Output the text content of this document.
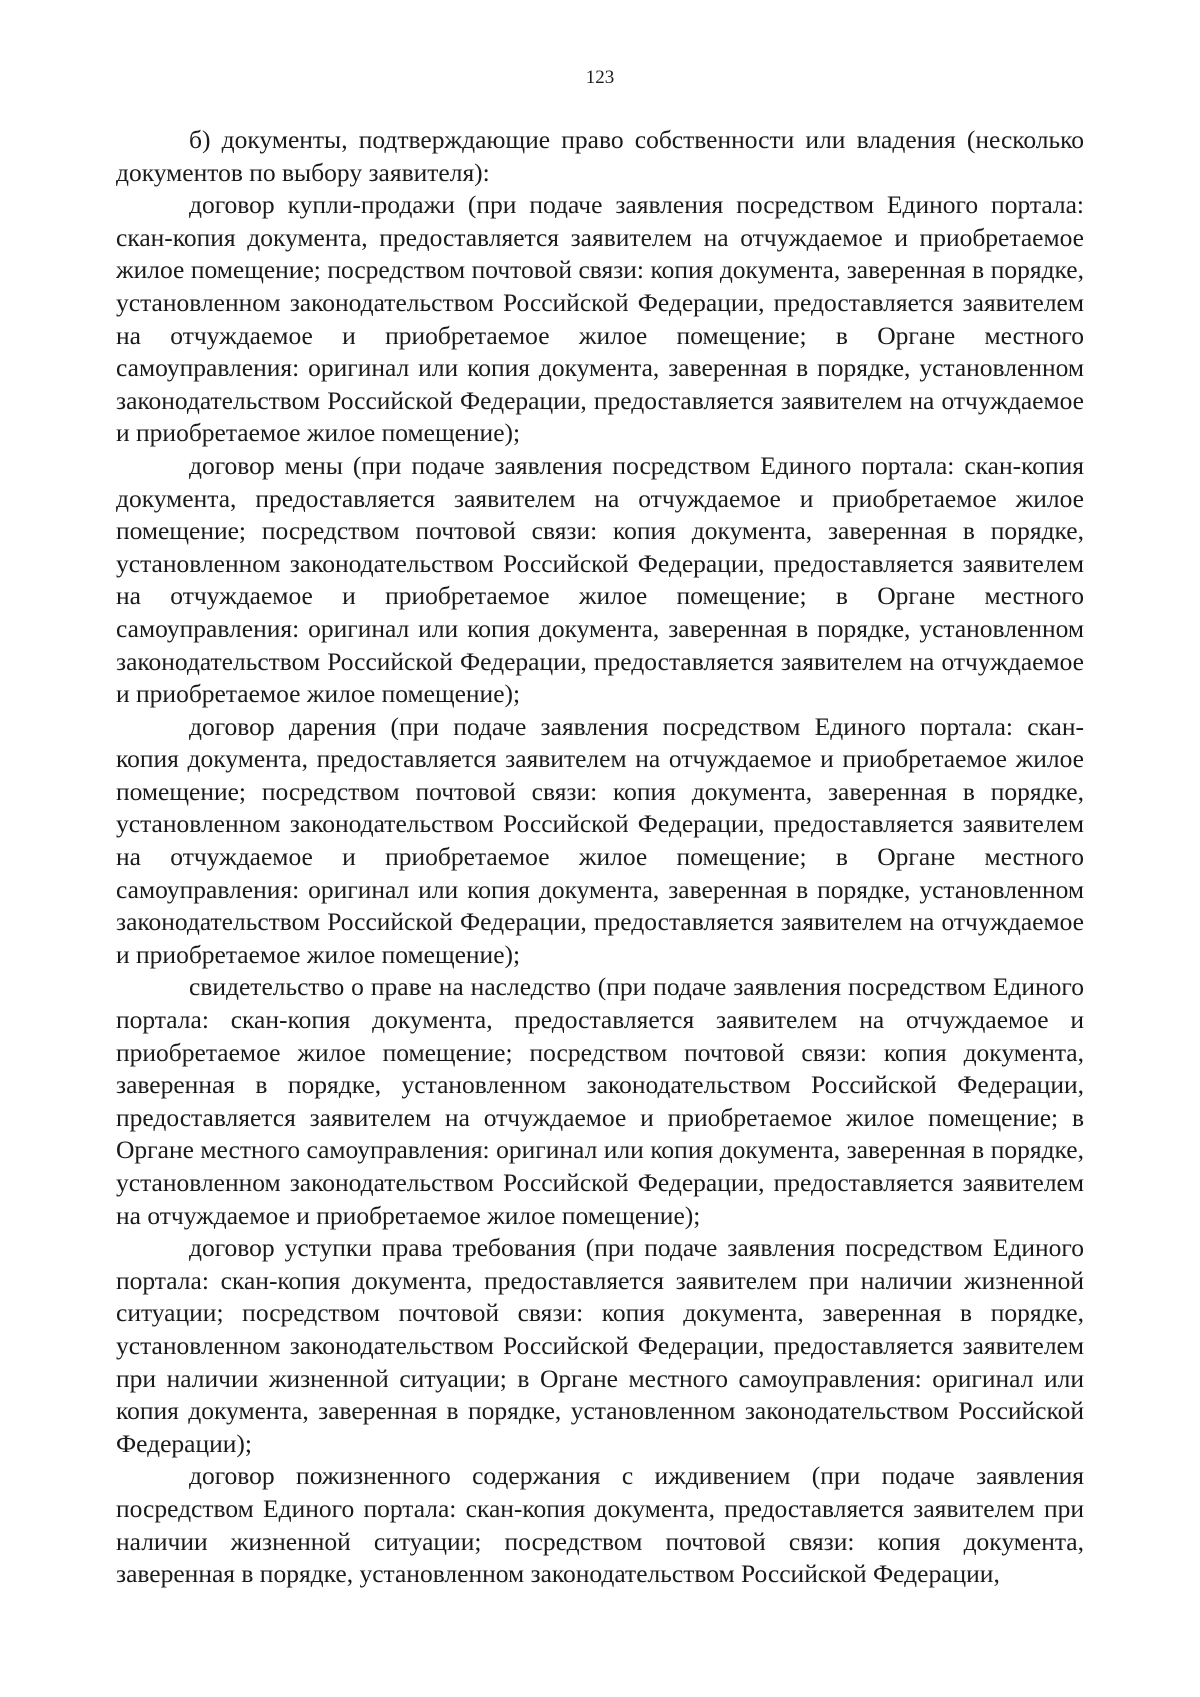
123

б) документы, подтверждающие право собственности или владения (несколько документов по выбору заявителя):

договор купли-продажи (при подаче заявления посредством Единого портала: скан-копия документа, предоставляется заявителем на отчуждаемое и приобретаемое жилое помещение; посредством почтовой связи: копия документа, заверенная в порядке, установленном законодательством Российской Федерации, предоставляется заявителем на отчуждаемое и приобретаемое жилое помещение; в Органе местного самоуправления: оригинал или копия документа, заверенная в порядке, установленном законодательством Российской Федерации, предоставляется заявителем на отчуждаемое и приобретаемое жилое помещение);

договор мены (при подаче заявления посредством Единого портала: скан-копия документа, предоставляется заявителем на отчуждаемое и приобретаемое жилое помещение; посредством почтовой связи: копия документа, заверенная в порядке, установленном законодательством Российской Федерации, предоставляется заявителем на отчуждаемое и приобретаемое жилое помещение; в Органе местного самоуправления: оригинал или копия документа, заверенная в порядке, установленном законодательством Российской Федерации, предоставляется заявителем на отчуждаемое и приобретаемое жилое помещение);

договор дарения (при подаче заявления посредством Единого портала: скан-копия документа, предоставляется заявителем на отчуждаемое и приобретаемое жилое помещение; посредством почтовой связи: копия документа, заверенная в порядке, установленном законодательством Российской Федерации, предоставляется заявителем на отчуждаемое и приобретаемое жилое помещение; в Органе местного самоуправления: оригинал или копия документа, заверенная в порядке, установленном законодательством Российской Федерации, предоставляется заявителем на отчуждаемое и приобретаемое жилое помещение);

свидетельство о праве на наследство (при подаче заявления посредством Единого портала: скан-копия документа, предоставляется заявителем на отчуждаемое и приобретаемое жилое помещение; посредством почтовой связи: копия документа, заверенная в порядке, установленном законодательством Российской Федерации, предоставляется заявителем на отчуждаемое и приобретаемое жилое помещение; в Органе местного самоуправления: оригинал или копия документа, заверенная в порядке, установленном законодательством Российской Федерации, предоставляется заявителем на отчуждаемое и приобретаемое жилое помещение);

договор уступки права требования (при подаче заявления посредством Единого портала: скан-копия документа, предоставляется заявителем при наличии жизненной ситуации; посредством почтовой связи: копия документа, заверенная в порядке, установленном законодательством Российской Федерации, предоставляется заявителем при наличии жизненной ситуации; в Органе местного самоуправления: оригинал или копия документа, заверенная в порядке, установленном законодательством Российской Федерации);

договор пожизненного содержания с иждивением (при подаче заявления посредством Единого портала: скан-копия документа, предоставляется заявителем при наличии жизненной ситуации; посредством почтовой связи: копия документа, заверенная в порядке, установленном законодательством Российской Федерации,
